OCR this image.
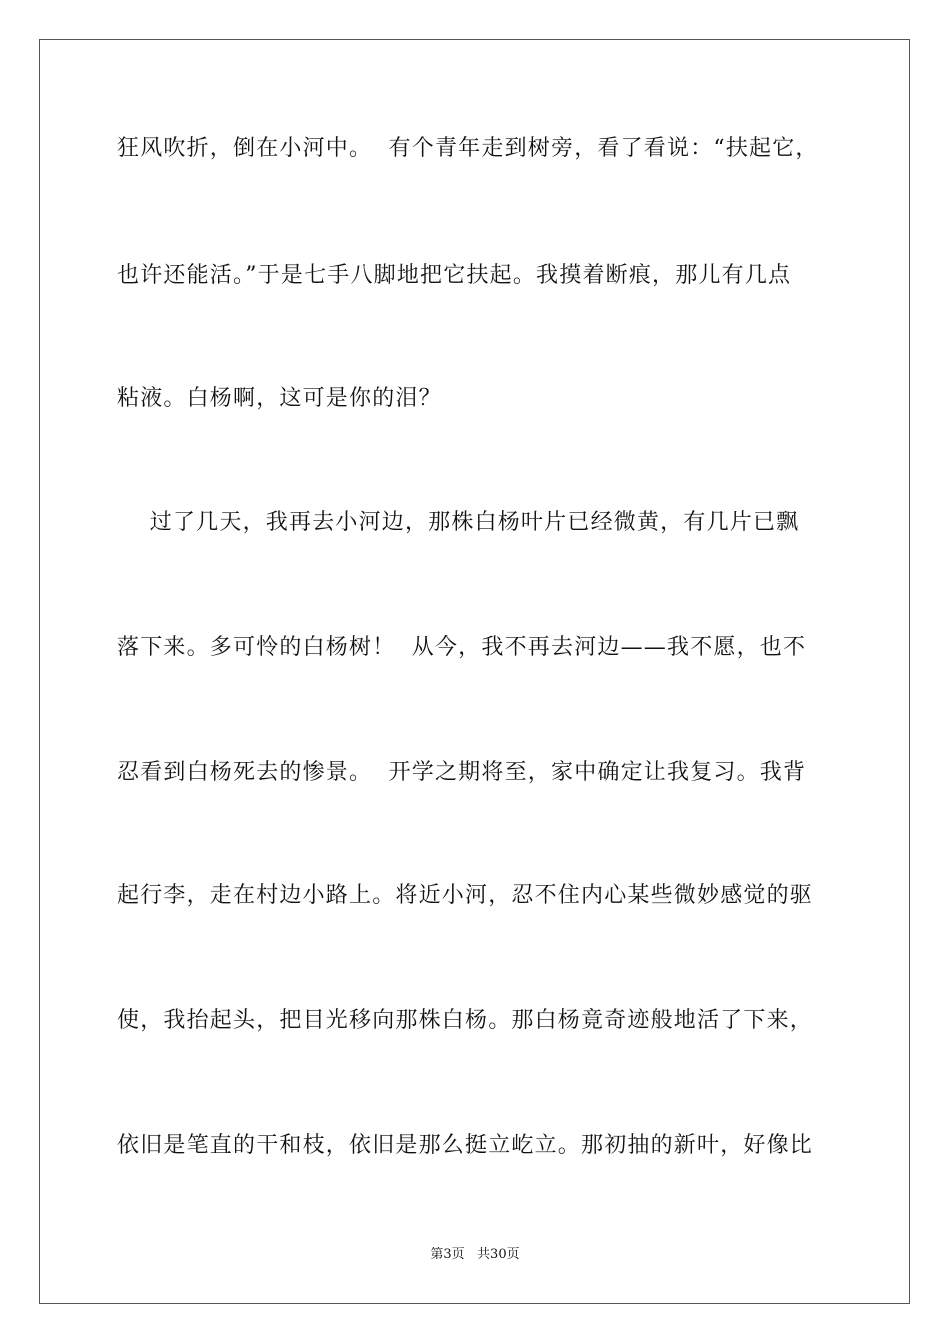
狂风吹折，倒在小河中。  有个青年走到树旁，看了看说：“扶起它，
也许还能活。”于是七手八脚地把它扶起。我摸着断痕，那儿有几点
粘液。白杨啊，这可是你的泪？
过了几天，我再去小河边，那株白杨叶片已经微黄，有几片已飘
落下来。多可怜的白杨树！  从今，我不再去河边——我不愿，也不
忍看到白杨死去的惨景。  开学之期将至，家中确定让我复习。我背
起行李，走在村边小路上。将近小河，忍不住内心某些微妙感觉的驱
使，我抬起头，把目光移向那株白杨。那白杨竟奇迹般地活了下来，
依旧是笔直的干和枝，依旧是那么挺立屹立。那初抽的新叶，好像比
第3页   共30页
